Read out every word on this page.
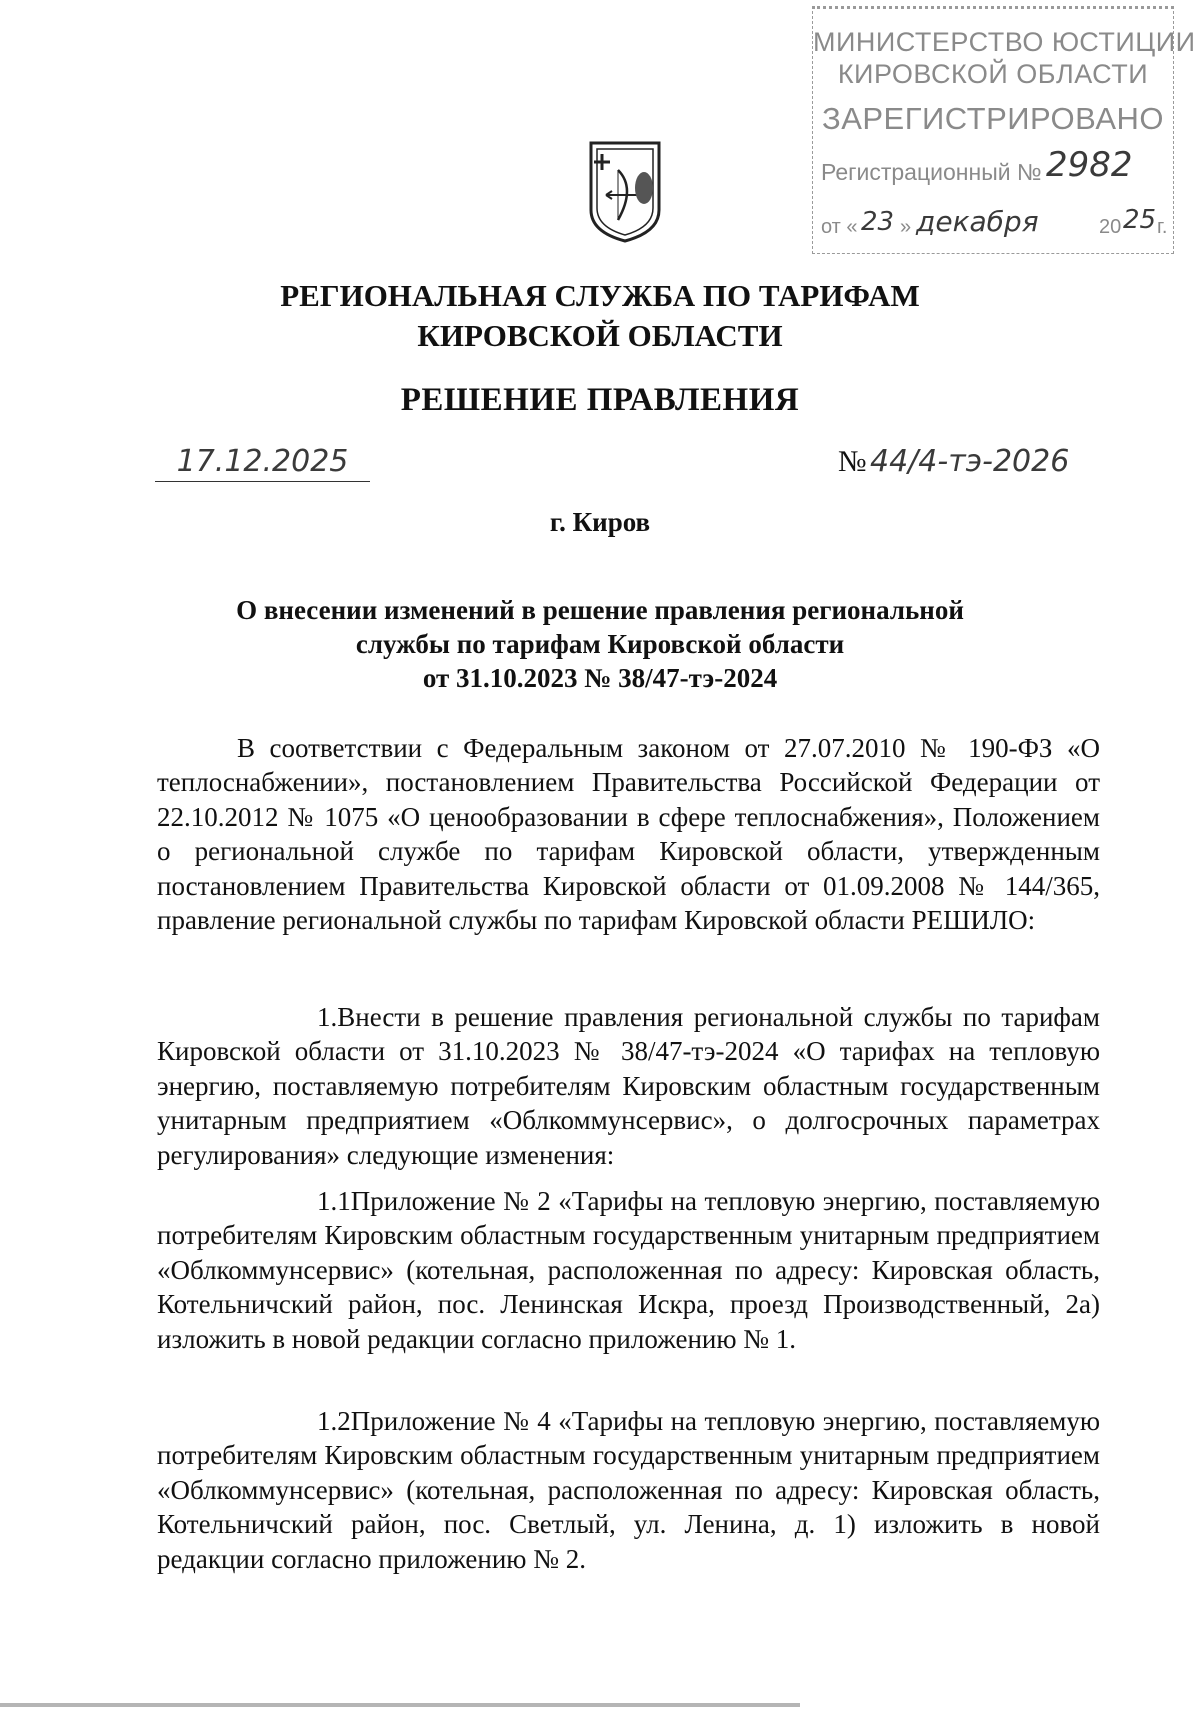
МИНИСТЕРСТВО ЮСТИЦИИ
КИРОВСКОЙ ОБЛАСТИ
ЗАРЕГИСТРИРОВАНО
Регистрационный № 2982
от « 23 » декабря	20 25 г.
РЕГИОНАЛЬНАЯ СЛУЖБА ПО ТАРИФАМ
КИРОВСКОЙ ОБЛАСТИ
РЕШЕНИЕ ПРАВЛЕНИЯ
17.12.2025	№ 44/4-тэ-2026
г. Киров
О внесении изменений в решение правления региональной
службы по тарифам Кировской области
от 31.10.2023 № 38/47-тэ-2024
В соответствии с Федеральным законом от 27.07.2010 № 190-ФЗ «О теплоснабжении», постановлением Правительства Российской Федерации от 22.10.2012 № 1075 «О ценообразовании в сфере теплоснабжения», Положением о региональной службе по тарифам Кировской области, утвержденным постановлением Правительства Кировской области от 01.09.2008 № 144/365, правление региональной службы по тарифам Кировской области РЕШИЛО:
1.Внести в решение правления региональной службы по тарифам Кировской области от 31.10.2023 № 38/47-тэ-2024 «О тарифах на тепловую энергию, поставляемую потребителям Кировским областным государственным унитарным предприятием «Облкоммунсервис», о долгосрочных параметрах регулирования» следующие изменения:
1.1Приложение № 2 «Тарифы на тепловую энергию, поставляемую потребителям Кировским областным государственным унитарным предприятием «Облкоммунсервис» (котельная, расположенная по адресу: Кировская область, Котельничский район, пос. Ленинская Искра, проезд Производственный, 2а) изложить в новой редакции согласно приложению № 1.
1.2Приложение № 4 «Тарифы на тепловую энергию, поставляемую потребителям Кировским областным государственным унитарным предприятием «Облкоммунсервис» (котельная, расположенная по адресу: Кировская область, Котельничский район, пос. Светлый, ул. Ленина, д. 1) изложить в новой редакции согласно приложению № 2.
